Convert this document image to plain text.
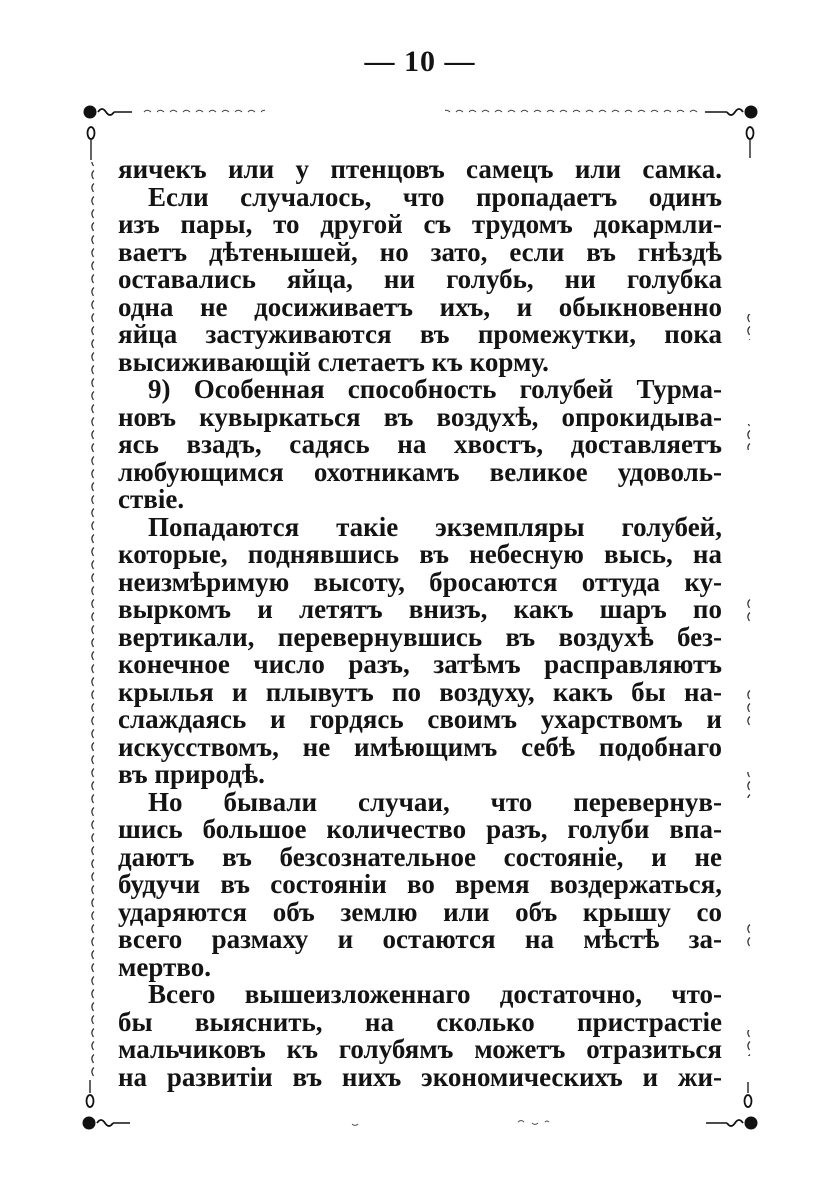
— 10 —
яичекъ или у птенцовъ самецъ или самка.
Если случалось, что пропадаетъ одинъ
изъ пары, то другой съ трудомъ докармли-
ваетъ дѣтенышей, но зато, если въ гнѣздѣ
оставались яйца, ни голубь, ни голубка
одна не досиживаетъ ихъ, и обыкновенно
яйца застуживаются въ промежутки, пока
высиживающій слетаетъ къ корму.
9) Особенная способность голубей Турма-
новъ кувыркаться въ воздухѣ, опрокидыва-
ясь взадъ, садясь на хвостъ, доставляетъ
любующимся охотникамъ великое удоволь-
ствіе.
Попадаются такіе экземпляры голубей,
которые, поднявшись въ небесную высь, на
неизмѣримую высоту, бросаются оттуда ку-
выркомъ и летятъ внизъ, какъ шаръ по
вертикали, перевернувшись въ воздухѣ без-
конечное число разъ, затѣмъ расправляютъ
крылья и плывутъ по воздуху, какъ бы на-
слаждаясь и гордясь своимъ ухарствомъ и
искусствомъ, не имѣющимъ себѣ подобнаго
въ природѣ.
Но бывали случаи, что перевернув-
шись большое количество разъ, голуби впа-
даютъ въ безсознательное состояніе, и не
будучи въ состояніи во время воздержаться,
ударяются объ землю или объ крышу со
всего размаху и остаются на мѣстѣ за-
мертво.
Всего вышеизложеннаго достаточно, что-
бы выяснить, на сколько пристрастіе
мальчиковъ къ голубямъ можетъ отразиться
на развитіи въ нихъ экономическихъ и жи-
